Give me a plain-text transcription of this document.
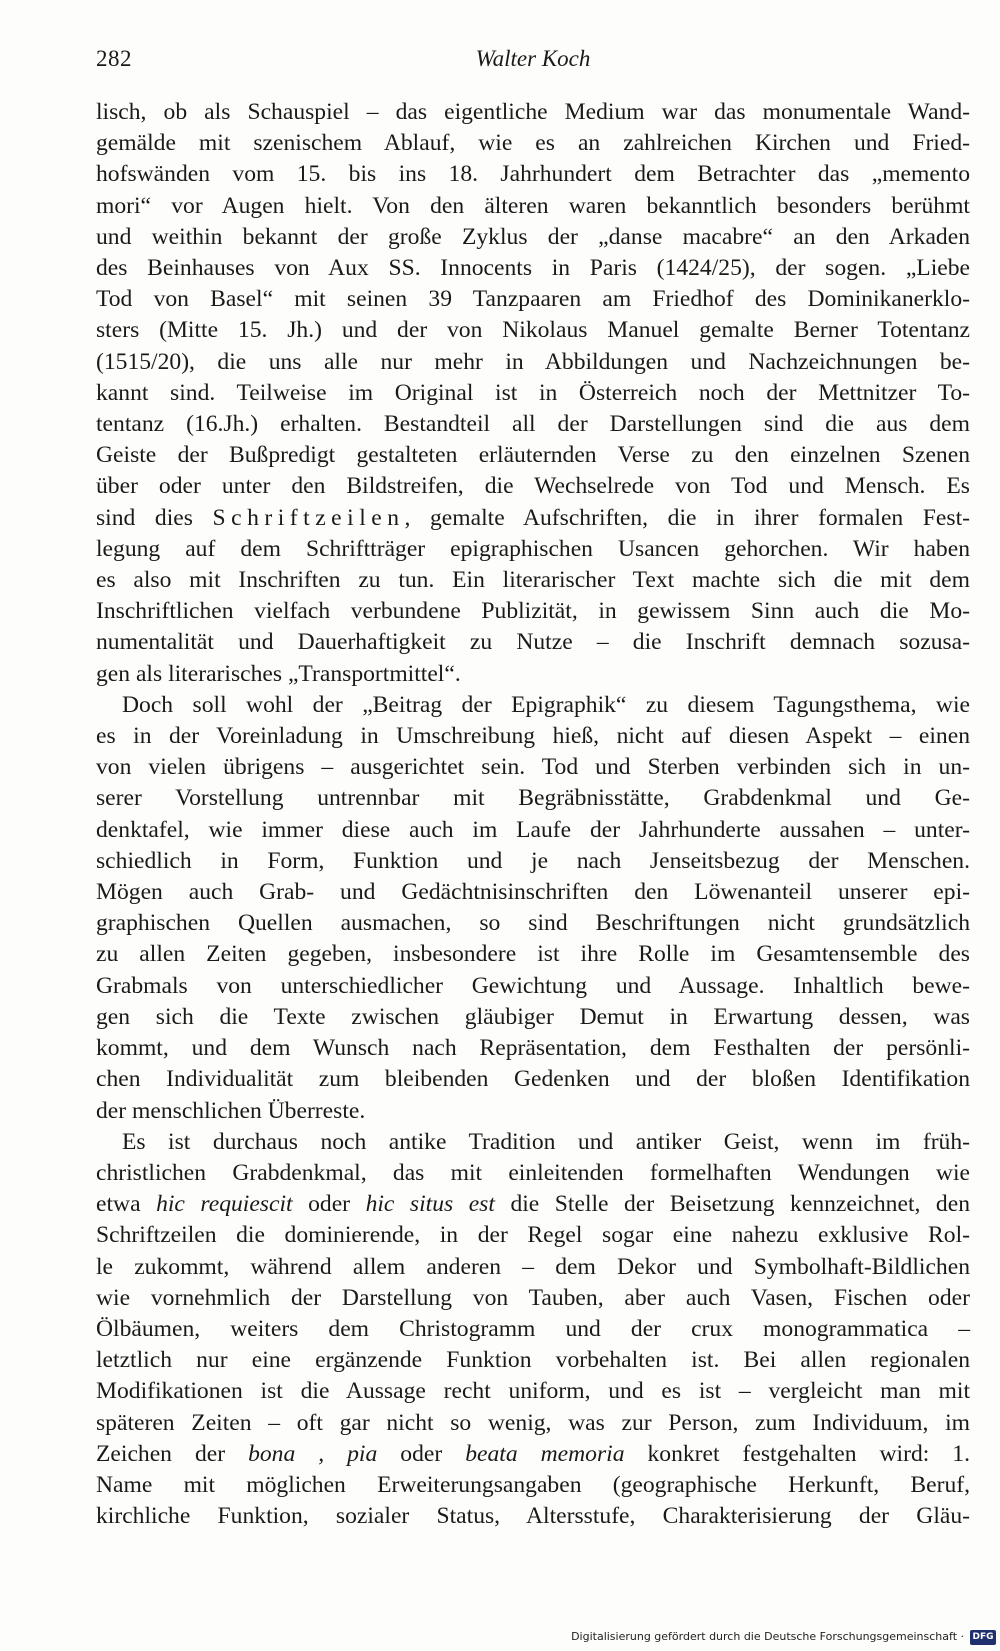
282	Walter Koch
lisch, ob als Schauspiel – das eigentliche Medium war das monumentale Wand-
gemälde mit szenischem Ablauf, wie es an zahlreichen Kirchen und Fried-
hofswänden vom 15. bis ins 18. Jahrhundert dem Betrachter das „memento
mori“ vor Augen hielt. Von den älteren waren bekanntlich besonders berühmt
und weithin bekannt der große Zyklus der „danse macabre“ an den Arkaden
des Beinhauses von Aux SS. Innocents in Paris (1424/25), der sogen. „Liebe
Tod von Basel“ mit seinen 39 Tanzpaaren am Friedhof des Dominikanerklo-
sters (Mitte 15. Jh.) und der von Nikolaus Manuel gemalte Berner Totentanz
(1515/20), die uns alle nur mehr in Abbildungen und Nachzeichnungen be-
kannt sind. Teilweise im Original ist in Österreich noch der Mettnitzer To-
tentanz (16.Jh.) erhalten. Bestandteil all der Darstellungen sind die aus dem
Geiste der Bußpredigt gestalteten erläuternden Verse zu den einzelnen Szenen
über oder unter den Bildstreifen, die Wechselrede von Tod und Mensch. Es
sind dies Schriftzeilen, gemalte Aufschriften, die in ihrer formalen Fest-
legung auf dem Schriftträger epigraphischen Usancen gehorchen. Wir haben
es also mit Inschriften zu tun. Ein literarischer Text machte sich die mit dem
Inschriftlichen vielfach verbundene Publizität, in gewissem Sinn auch die Mo-
numentalität und Dauerhaftigkeit zu Nutze – die Inschrift demnach sozusa-
gen als literarisches „Transportmittel“.
Doch soll wohl der „Beitrag der Epigraphik“ zu diesem Tagungsthema, wie
es in der Voreinladung in Umschreibung hieß, nicht auf diesen Aspekt – einen
von vielen übrigens – ausgerichtet sein. Tod und Sterben verbinden sich in un-
serer Vorstellung untrennbar mit Begräbnisstätte, Grabdenkmal und Ge-
denktafel, wie immer diese auch im Laufe der Jahrhunderte aussahen – unter-
schiedlich in Form, Funktion und je nach Jenseitsbezug der Menschen.
Mögen auch Grab- und Gedächtnisinschriften den Löwenanteil unserer epi-
graphischen Quellen ausmachen, so sind Beschriftungen nicht grundsätzlich
zu allen Zeiten gegeben, insbesondere ist ihre Rolle im Gesamtensemble des
Grabmals von unterschiedlicher Gewichtung und Aussage. Inhaltlich bewe-
gen sich die Texte zwischen gläubiger Demut in Erwartung dessen, was
kommt, und dem Wunsch nach Repräsentation, dem Festhalten der persönli-
chen Individualität zum bleibenden Gedenken und der bloßen Identifikation
der menschlichen Überreste.
Es ist durchaus noch antike Tradition und antiker Geist, wenn im früh-
christlichen Grabdenkmal, das mit einleitenden formelhaften Wendungen wie
etwa hic requiescit oder hic situs est die Stelle der Beisetzung kennzeichnet, den
Schriftzeilen die dominierende, in der Regel sogar eine nahezu exklusive Rol-
le zukommt, während allem anderen – dem Dekor und Symbolhaft-Bildlichen
wie vornehmlich der Darstellung von Tauben, aber auch Vasen, Fischen oder
Ölbäumen, weiters dem Christogramm und der crux monogrammatica –
letztlich nur eine ergänzende Funktion vorbehalten ist. Bei allen regionalen
Modifikationen ist die Aussage recht uniform, und es ist – vergleicht man mit
späteren Zeiten – oft gar nicht so wenig, was zur Person, zum Individuum, im
Zeichen der bona , pia oder beata memoria konkret festgehalten wird: 1.
Name mit möglichen Erweiterungsangaben (geographische Herkunft, Beruf,
kirchliche Funktion, sozialer Status, Altersstufe, Charakterisierung der Gläu-
Digitalisierung gefördert durch die Deutsche Forschungsgemeinschaft · DFG
